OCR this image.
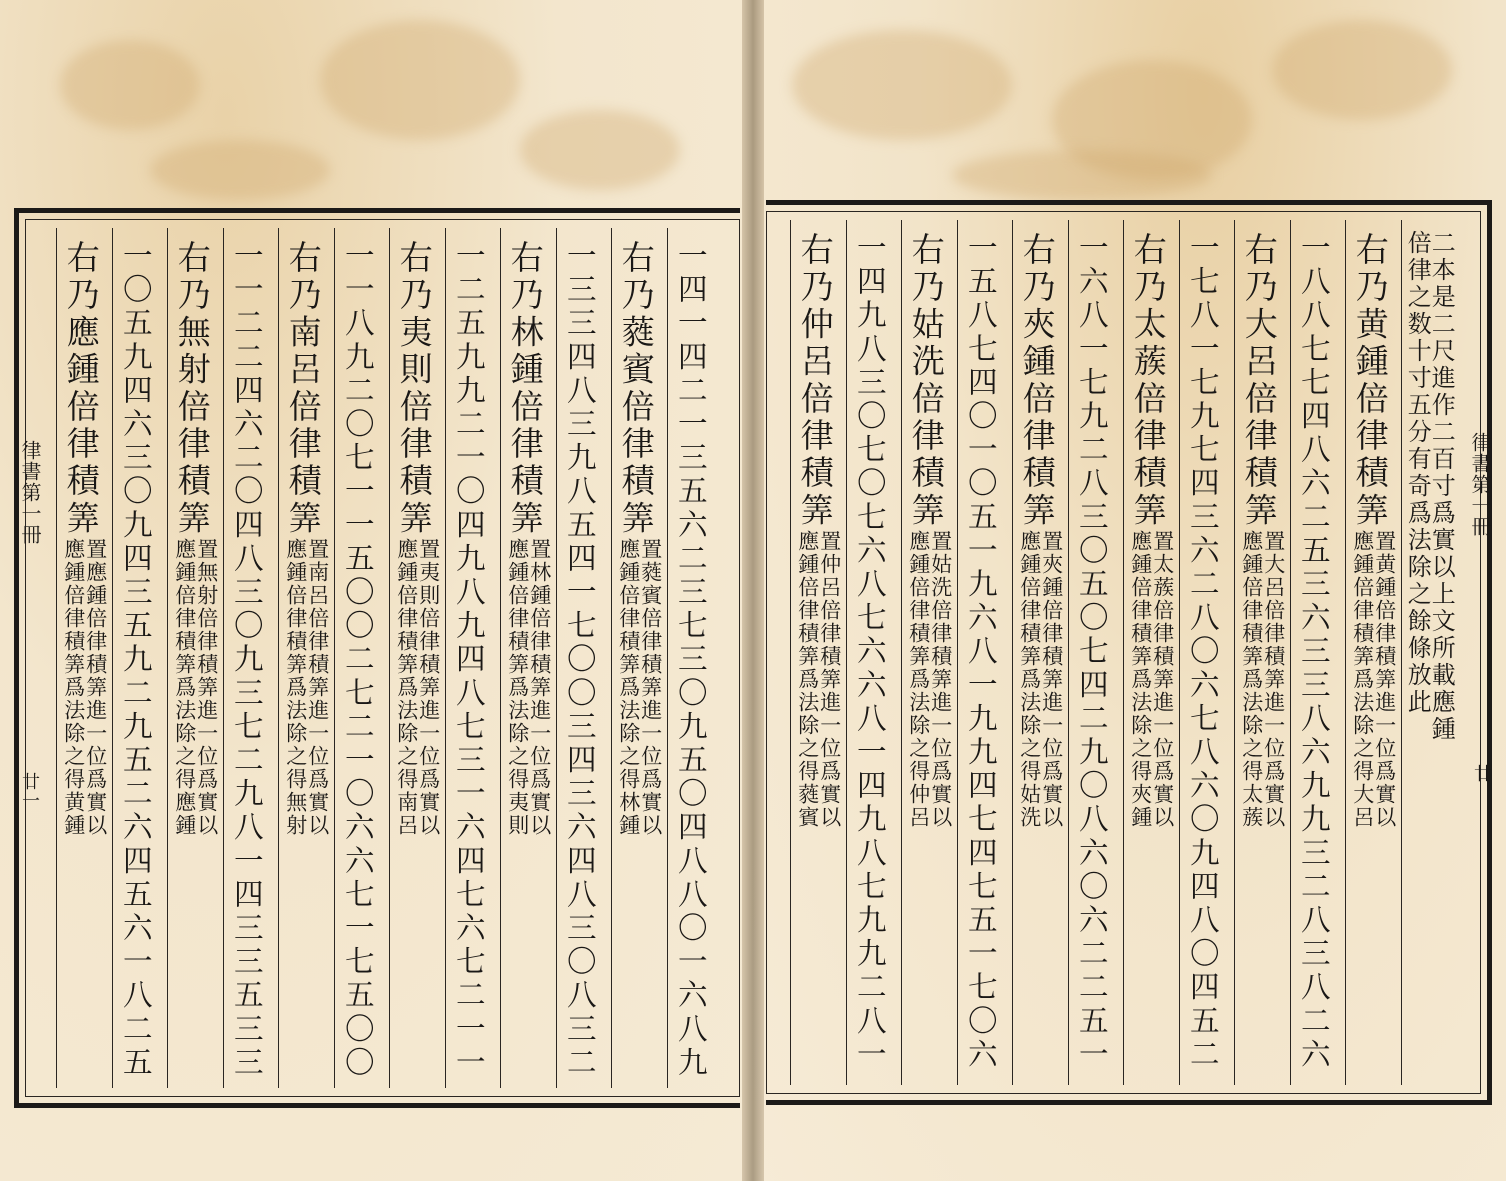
律書第一冊
廿一	一四一四二一三五六二三七三〇九五〇四八八〇一六八九
右乃蕤賓倍律積筭
置蕤賓倍律積筭進一位爲實以
應鍾倍律積筭爲法除之得林鍾
一三三四八三九八五四一七〇〇三四三六四八三〇八三二
右乃林鍾倍律積筭
置林鍾倍律積筭進一位爲實以
應鍾倍律積筭爲法除之得夷則
一二五九九二一〇四九八九四八七三一六四七六七二一一
右乃夷則倍律積筭
置夷則倍律積筭進一位爲實以
應鍾倍律積筭爲法除之得南呂
一一八九二〇七一一五〇〇二七二一〇六六七一七五〇〇
右乃南呂倍律積筭
置南呂倍律積筭進一位爲實以
應鍾倍律積筭爲法除之得無射
一一二二四六二〇四八三〇九三七二九八一四三三五三三
右乃無射倍律積筭
置無射倍律積筭進一位爲實以
應鍾倍律積筭爲法除之得應鍾
一〇五九四六三〇九四三五九二九五二六四五六一八二五
右乃應鍾倍律積筭
置應鍾倍律積筭進一位爲實以
應鍾倍律積筭爲法除之得黄鍾
律書第一冊
廿
二本是二尺進作二百寸爲實以上文所載應鍾
倍律之数十寸五分有奇爲法除之餘條放此
右乃黄鍾倍律積筭
置黄鍾倍律積筭進一位爲實以
應鍾倍律積筭爲法除之得大呂
一八八七七四八六二五三六三三八六九九三二八三八二六
右乃大呂倍律積筭
置大呂倍律積筭進一位爲實以
應鍾倍律積筭爲法除之得太蔟
一七八一七九七四三六二八〇六七八六〇九四八〇四五二
右乃太蔟倍律積筭
置太蔟倍律積筭進一位爲實以
應鍾倍律積筭爲法除之得夾鍾
一六八一七九二八三〇五〇七四二九〇八六〇六二二五一
右乃夾鍾倍律積筭
置夾鍾倍律積筭進一位爲實以
應鍾倍律積筭爲法除之得姑洗
一五八七四〇一〇五一九六八一九九四七四七五一七〇六
右乃姑洗倍律積筭
置姑洗倍律積筭進一位爲實以
應鍾倍律積筭爲法除之得仲呂
一四九八三〇七〇七六八七六六八一四九八七九九二八一
右乃仲呂倍律積筭
置仲呂倍律積筭進一位爲實以
應鍾倍律積筭爲法除之得蕤賓
